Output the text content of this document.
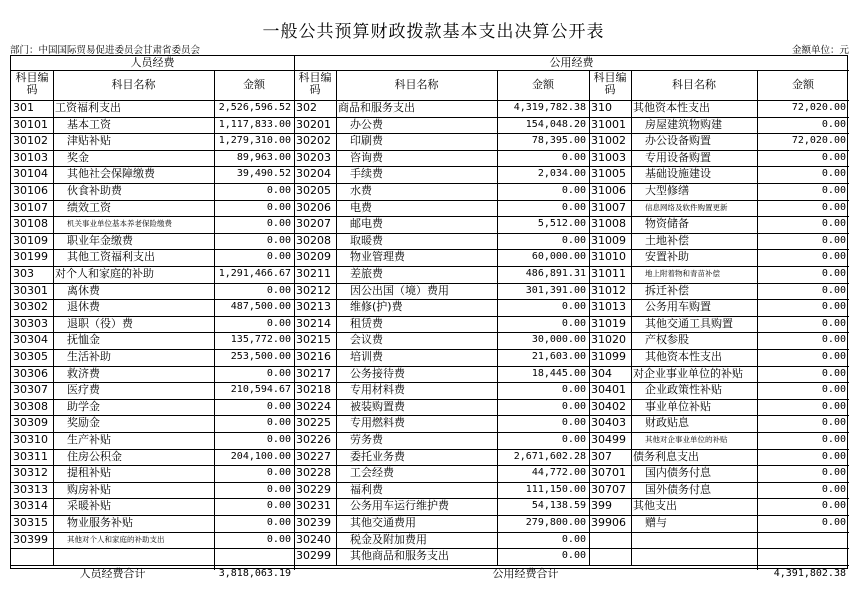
一般公共预算财政拨款基本支出决算公开表
部门：中国国际贸易促进委员会甘肃省委员会	金额单位：元
人员经费	公用经费
科目编
码	科目名称	金额
科目编
码	科目名称	金额
科目编
码	科目名称	金额
301	工资福利支出	2,526,596.52
30101	基本工资	1,117,833.00
30102	津贴补贴	1,279,310.00
30103	奖金	89,963.00
30104	其他社会保障缴费	39,490.52
30106	伙食补助费	0.00
30107	绩效工资	0.00
30108	机关事业单位基本养老保险缴费	0.00
30109	职业年金缴费	0.00
30199	其他工资福利支出	0.00
303	对个人和家庭的补助	1,291,466.67
30301	离休费	0.00
30302	退休费	487,500.00
30303	退职（役）费	0.00
30304	抚恤金	135,772.00
30305	生活补助	253,500.00
30306	救济费	0.00
30307	医疗费	210,594.67
30308	助学金	0.00
30309	奖励金	0.00
30310	生产补贴	0.00
30311	住房公积金	204,100.00
30312	提租补贴	0.00
30313	购房补贴	0.00
30314	采暖补贴	0.00
30315	物业服务补贴	0.00
30399	其他对个人和家庭的补助支出	0.00
302	商品和服务支出	4,319,782.38
30201	办公费	154,048.20
30202	印刷费	78,395.00
30203	咨询费	0.00
30204	手续费	2,034.00
30205	水费	0.00
30206	电费	0.00
30207	邮电费	5,512.00
30208	取暖费	0.00
30209	物业管理费	60,000.00
30211	差旅费	486,891.31
30212	因公出国（境）费用	301,391.00
30213	维修(护)费	0.00
30214	租赁费	0.00
30215	会议费	30,000.00
30216	培训费	21,603.00
30217	公务接待费	18,445.00
30218	专用材料费	0.00
30224	被装购置费	0.00
30225	专用燃料费	0.00
30226	劳务费	0.00
30227	委托业务费	2,671,602.28
30228	工会经费	44,772.00
30229	福利费	111,150.00
30231	公务用车运行维护费	54,138.59
30239	其他交通费用	279,800.00
30240	税金及附加费用	0.00
30299	其他商品和服务支出	0.00
310	其他资本性支出	72,020.00
31001	房屋建筑物购建	0.00
31002	办公设备购置	72,020.00
31003	专用设备购置	0.00
31005	基础设施建设	0.00
31006	大型修缮	0.00
31007	信息网络及软件购置更新	0.00
31008	物资储备	0.00
31009	土地补偿	0.00
31010	安置补助	0.00
31011	地上附着物和青苗补偿	0.00
31012	拆迁补偿	0.00
31013	公务用车购置	0.00
31019	其他交通工具购置	0.00
31020	产权参股	0.00
31099	其他资本性支出	0.00
304	对企业事业单位的补贴	0.00
30401	企业政策性补贴	0.00
30402	事业单位补贴	0.00
30403	财政贴息	0.00
30499	其他对企事业单位的补贴	0.00
307	债务利息支出	0.00
30701	国内债务付息	0.00
30707	国外债务付息	0.00
399	其他支出	0.00
39906	赠与	0.00
人员经费合计	3,818,063.19	公用经费合计	4,391,802.38
